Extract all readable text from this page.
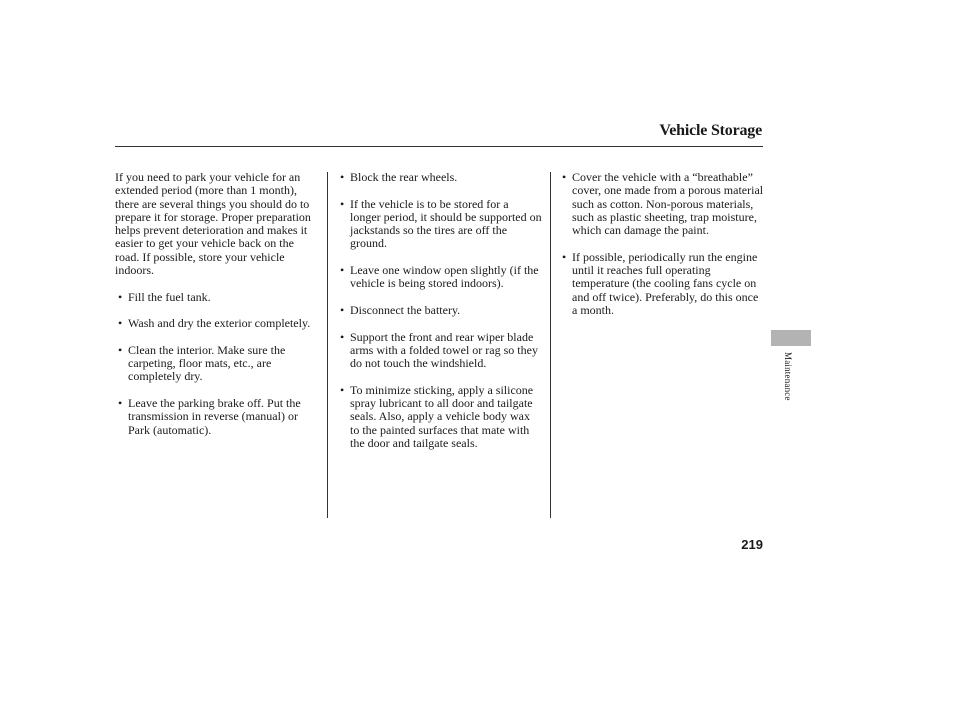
Vehicle Storage

If you need to park your vehicle for an extended period (more than 1 month), there are several things you should do to prepare it for storage. Proper preparation helps prevent deterioration and makes it easier to get your vehicle back on the road. If possible, store your vehicle indoors.

• Fill the fuel tank.
• Wash and dry the exterior completely.
• Clean the interior. Make sure the carpeting, floor mats, etc., are completely dry.
• Leave the parking brake off. Put the transmission in reverse (manual) or Park (automatic).
• Block the rear wheels.
• If the vehicle is to be stored for a longer period, it should be supported on jackstands so the tires are off the ground.
• Leave one window open slightly (if the vehicle is being stored indoors).
• Disconnect the battery.
• Support the front and rear wiper blade arms with a folded towel or rag so they do not touch the windshield.
• To minimize sticking, apply a silicone spray lubricant to all door and tailgate seals. Also, apply a vehicle body wax to the painted surfaces that mate with the door and tailgate seals.
• Cover the vehicle with a “breathable” cover, one made from a porous material such as cotton. Non-porous materials, such as plastic sheeting, trap moisture, which can damage the paint.
• If possible, periodically run the engine until it reaches full operating temperature (the cooling fans cycle on and off twice). Preferably, do this once a month.
Maintenance
219
